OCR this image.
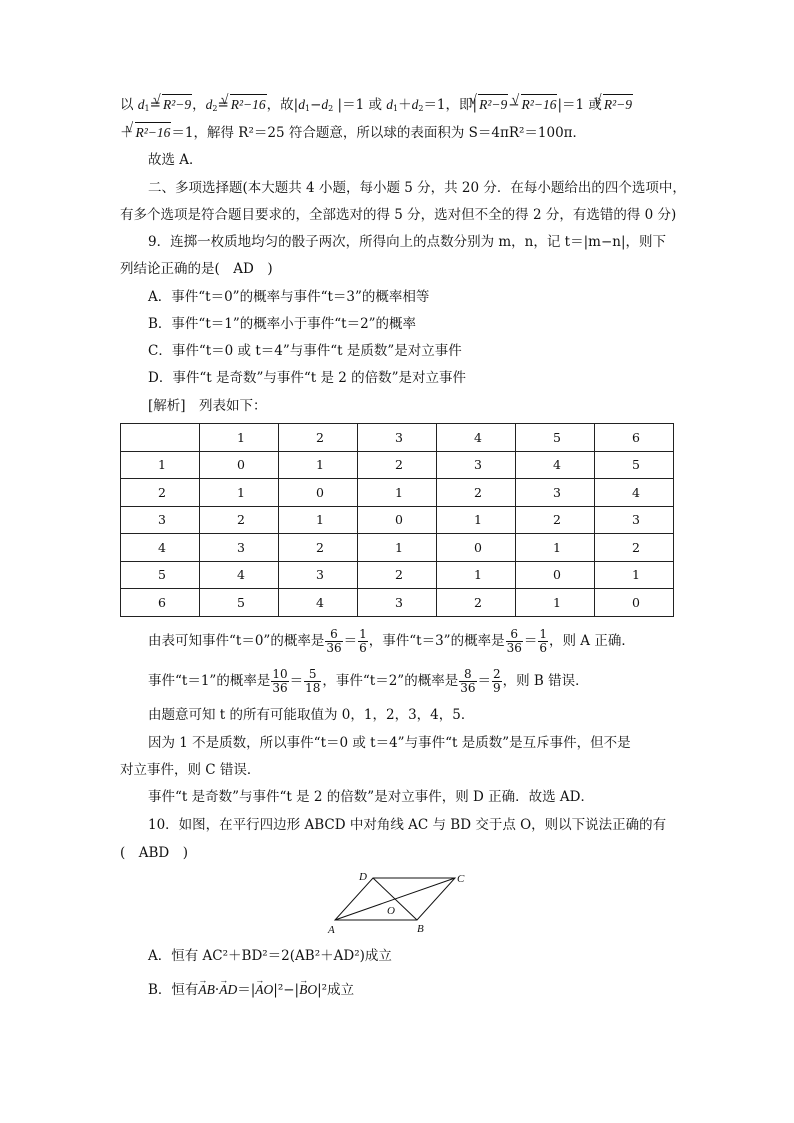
以 $d_1=$ √ R²−9，$d_2=$ √ R²−16，故$|d_1-d_2$ |＝1 或 $d_1+d_2=1$，即| √ R²−9− √ R²−16|＝1 或 √ R²−9
＋ √ R²−16＝1，解得 R²＝25 符合题意，所以球的表面积为 S＝4πR²＝100π．
故选 A．
二、多项选择题(本大题共 4 小题，每小题 5 分，共 20 分．在每小题给出的四个选项中，
有多个选项是符合题目要求的，全部选对的得 5 分，选对但不全的得 2 分，有选错的得 0 分)
9．连掷一枚质地均匀的骰子两次，所得向上的点数分别为 m，n，记 t＝|m−n|，则下
列结论正确的是(　AD　)
A．事件“t＝0”的概率与事件“t＝3”的概率相等
B．事件“t＝1”的概率小于事件“t＝2”的概率
C．事件“t＝0 或 t＝4”与事件“t 是质数”是对立事件
D．事件“t 是奇数”与事件“t 是 2 的倍数”是对立事件
[解析]　列表如下：
	1	2	3	4	5	6
1	0	1	2	3	4	5
2	1	0	1	2	3	4
3	2	1	0	1	2	3
4	3	2	1	0	1	2
5	4	3	2	1	0	1
6	5	4	3	2	1	0
由表可知事件“t＝0”的概率是 $\frac{6}{36} = \frac{1}{6}$ ，事件“t＝3”的概率是 $\frac{6}{36} = \frac{1}{6}$ ，则 A 正确．
事件“t＝1”的概率是 $\frac{10}{36} = \frac{5}{18}$ ，事件“t＝2”的概率是 $\frac{8}{36} = \frac{2}{9}$ ，则 B 错误．
由题意可知 t 的所有可能取值为 0，1，2，3，4，5．
因为 1 不是质数，所以事件“t＝0 或 t＝4”与事件“t 是质数”是互斥事件，但不是
对立事件，则 C 错误．
事件“t 是奇数”与事件“t 是 2 的倍数”是对立事件，则 D 正确．故选 AD．
10．如图，在平行四边形 ABCD 中对角线 AC 与 BD 交于点 O，则以下说法正确的有
(　ABD　)
D	C
A	B
O
A．恒有 AC²＋BD²＝2(AB²＋AD²)成立
B．恒有AB →·AD →＝|AO →|²−|BO →|²成立
